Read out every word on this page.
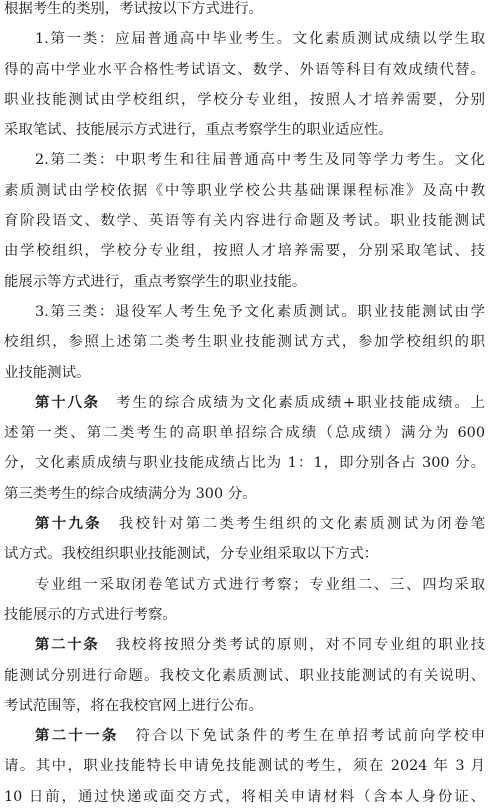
根据考生的类别，考试按以下方式进行。
1.第一类：应届普通高中毕业考生。文化素质测试成绩以学生取
得的高中学业水平合格性考试语文、数学、外语等科目有效成绩代替。
职业技能测试由学校组织，学校分专业组，按照人才培养需要，分别
采取笔试、技能展示方式进行，重点考察学生的职业适应性。
2.第二类：中职考生和往届普通高中考生及同等学力考生。文化
素质测试由学校依据《中等职业学校公共基础课课程标准》及高中教
育阶段语文、数学、英语等有关内容进行命题及考试。职业技能测试
由学校组织，学校分专业组，按照人才培养需要，分别采取笔试、技
能展示等方式进行，重点考察学生的职业技能。
3.第三类：退役军人考生免予文化素质测试。职业技能测试由学
校组织，参照上述第二类考生职业技能测试方式，参加学校组织的职
业技能测试。
第十八条  考生的综合成绩为文化素质成绩+职业技能成绩。上
述第一类、第二类考生的高职单招综合成绩（总成绩）满分为 600
分，文化素质成绩与职业技能成绩占比为 1：1，即分别各占 300 分。
第三类考生的综合成绩满分为 300 分。
第十九条  我校针对第二类考生组织的文化素质测试为闭卷笔
试方式。我校组织职业技能测试，分专业组采取以下方式：
专业组一采取闭卷笔试方式进行考察；专业组二、三、四均采取
技能展示的方式进行考察。
第二十条  我校将按照分类考试的原则，对不同专业组的职业技
能测试分别进行命题。我校文化素质测试、职业技能测试的有关说明、
考试范围等，将在我校官网上进行公布。
第二十一条  符合以下免试条件的考生在单招考试前向学校申
请。其中，职业技能特长申请免技能测试的考生，须在 2024 年 3 月
10 日前，通过快递或面交方式，将相关申请材料（含本人身份证、
